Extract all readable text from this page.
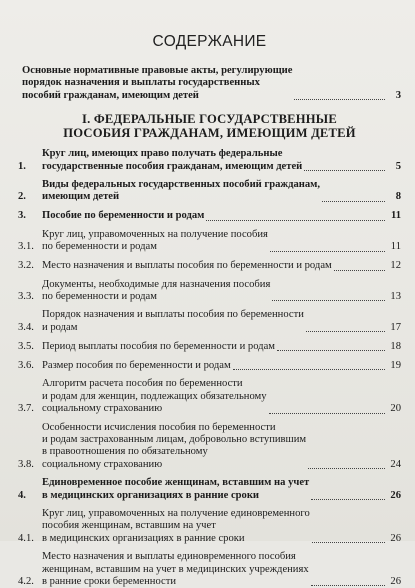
СОДЕРЖАНИЕ
Основные нормативные правовые акты, регулирующие
порядок назначения и выплаты государственных
пособий гражданам, имеющим детей	3
I. ФЕДЕРАЛЬНЫЕ ГОСУДАРСТВЕННЫЕ
ПОСОБИЯ ГРАЖДАНАМ, ИМЕЮЩИМ ДЕТЕЙ
1.
Круг лиц, имеющих право получать федеральные
государственные пособия гражданам, имеющим детей	5
2.
Виды федеральных государственных пособий гражданам,
имеющим детей	8
3.	Пособие по беременности и родам	11
3.1.
Круг лиц, управомоченных на получение пособия
по беременности и родам	11
3.2. Место назначения и выплаты пособия по беременности и родам	12
3.3.
Документы, необходимые для назначения пособия
по беременности и родам	13
3.4.
Порядок назначения и выплаты пособия по беременности
и родам	17
3.5. Период выплаты пособия по беременности и родам	18
3.6. Размер пособия по беременности и родам	19
3.7.
Алгоритм расчета пособия по беременности
и родам для женщин, подлежащих обязательному
социальному страхованию	20
3.8.
Особенности исчисления пособия по беременности
и родам застрахованным лицам, добровольно вступившим
в правоотношения по обязательному
социальному страхованию	24
4.
Единовременное пособие женщинам, вставшим на учет
в медицинских организациях в ранние сроки	26
4.1.
Круг лиц, управомоченных на получение единовременного
пособия женщинам, вставшим на учет
в медицинских организациях в ранние сроки	26
4.2.
Место назначения и выплаты единовременного пособия
женщинам, вставшим на учет в медицинских учреждениях
в ранние сроки беременности	26
